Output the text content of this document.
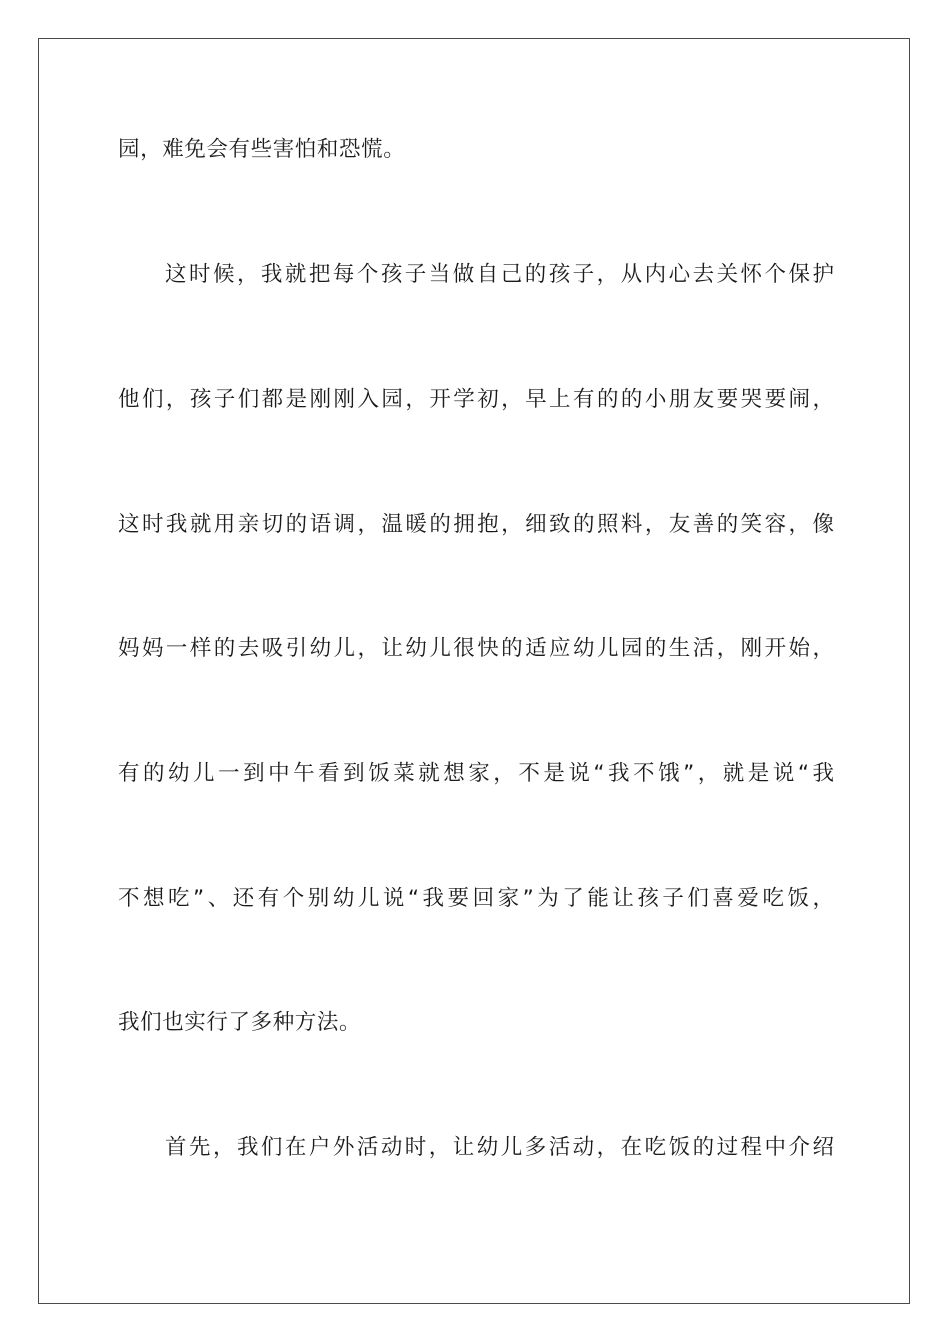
园，难免会有些害怕和恐慌。

这时候，我就把每个孩子当做自己的孩子，从内心去关怀个保护

他们，孩子们都是刚刚入园，开学初，早上有的的小朋友要哭要闹，

这时我就用亲切的语调，温暖的拥抱，细致的照料，友善的笑容，像

妈妈一样的去吸引幼儿，让幼儿很快的适应幼儿园的生活，刚开始，

有的幼儿一到中午看到饭菜就想家，不是说“我不饿”，就是说“我

不想吃”、还有个别幼儿说“我要回家”为了能让孩子们喜爱吃饭，

我们也实行了多种方法。

首先，我们在户外活动时，让幼儿多活动，在吃饭的过程中介绍
